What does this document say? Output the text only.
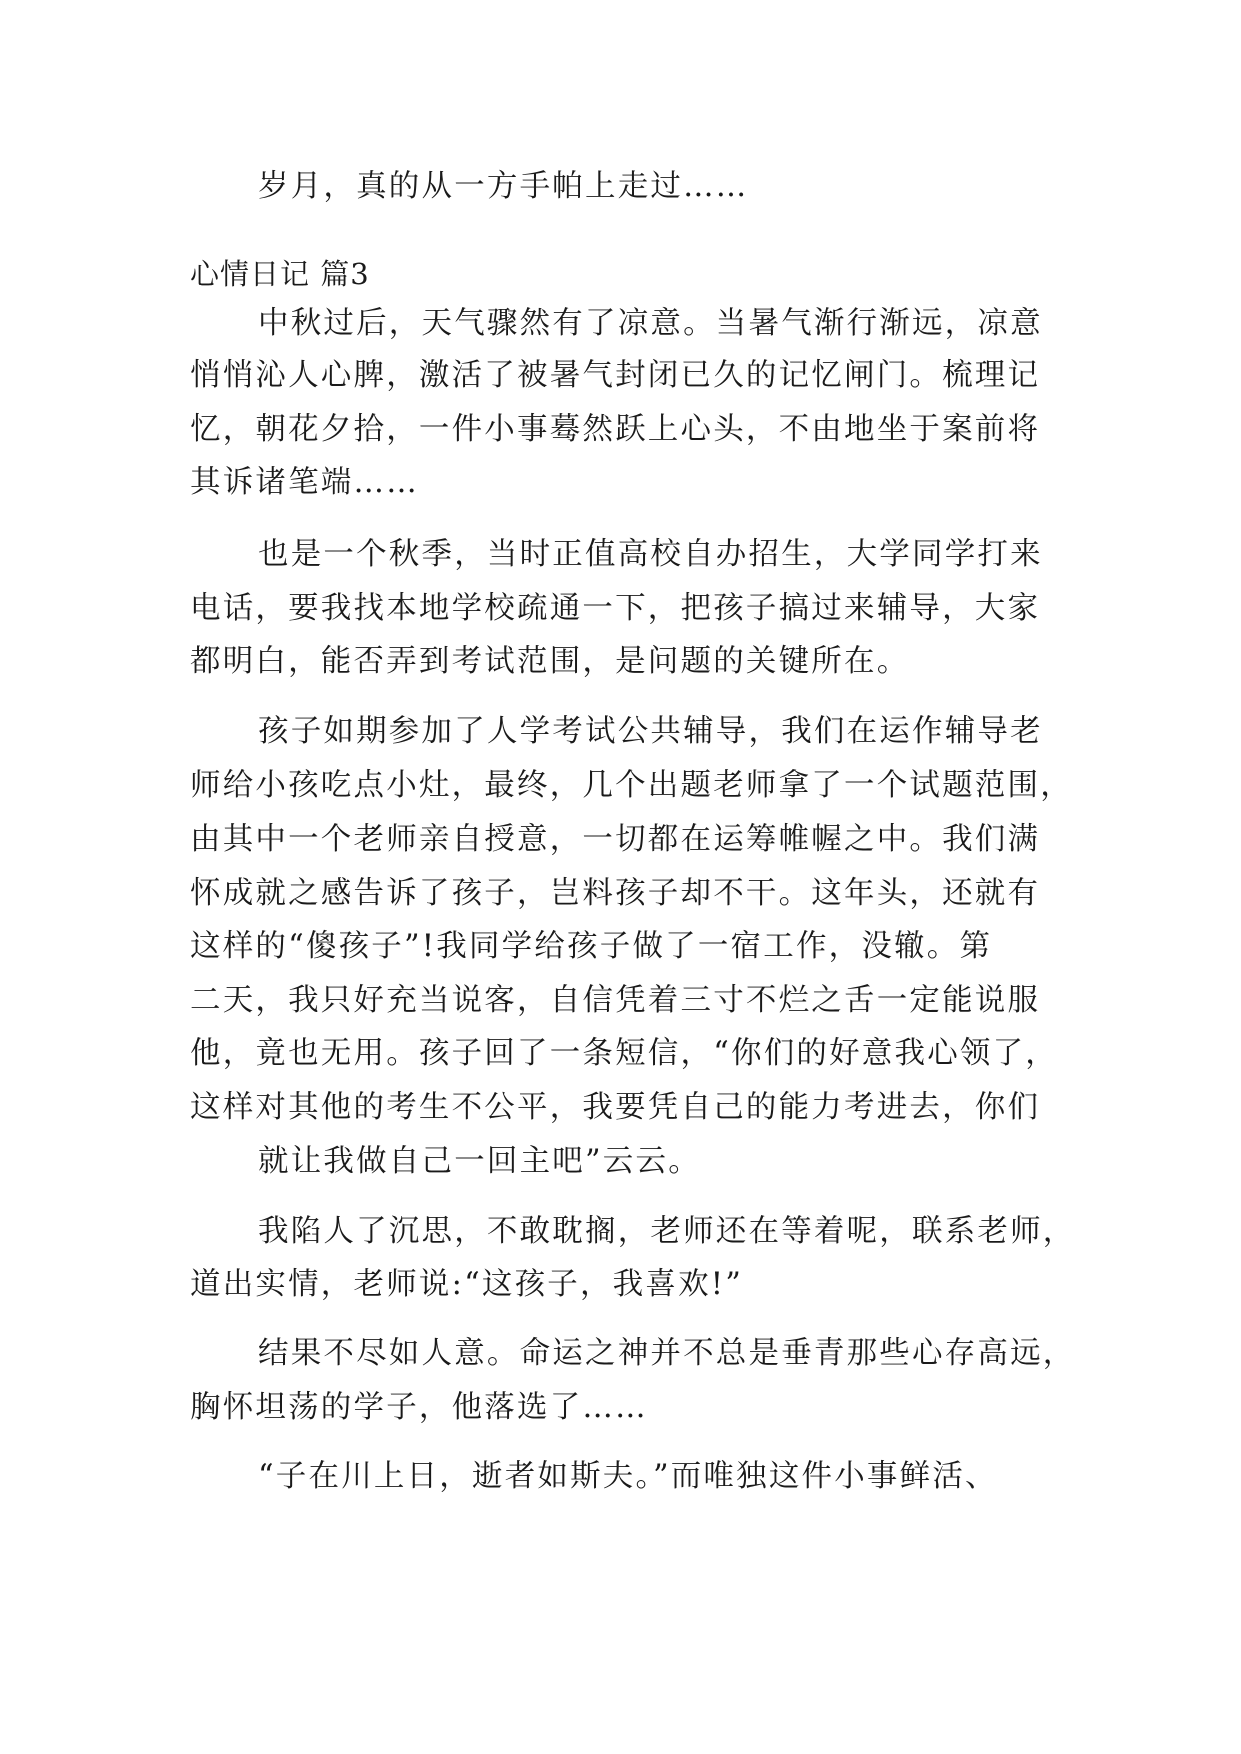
岁月，真的从一方手帕上走过……
心情日记 篇3
中秋过后，天气骤然有了凉意。当暑气渐行渐远，凉意
悄悄沁人心脾，激活了被暑气封闭已久的记忆闸门。梳理记
忆，朝花夕拾，一件小事蓦然跃上心头，不由地坐于案前将
其诉诸笔端……
也是一个秋季，当时正值高校自办招生，大学同学打来
电话，要我找本地学校疏通一下，把孩子搞过来辅导，大家
都明白，能否弄到考试范围，是问题的关键所在。
孩子如期参加了人学考试公共辅导，我们在运作辅导老
师给小孩吃点小灶，最终，几个出题老师拿了一个试题范围，
由其中一个老师亲自授意，一切都在运筹帷幄之中。我们满
怀成就之感告诉了孩子，岂料孩子却不干。这年头，还就有
这样的“傻孩子”!我同学给孩子做了一宿工作，没辙。第
二天，我只好充当说客，自信凭着三寸不烂之舌一定能说服
他，竟也无用。孩子回了一条短信，“你们的好意我心领了，
这样对其他的考生不公平，我要凭自己的能力考进去，你们
就让我做自己一回主吧”云云。
我陷人了沉思，不敢耽搁，老师还在等着呢，联系老师，
道出实情，老师说:“这孩子，我喜欢!”
结果不尽如人意。命运之神并不总是垂青那些心存高远，
胸怀坦荡的学子，他落选了……
“子在川上日，逝者如斯夫。”而唯独这件小事鲜活、
